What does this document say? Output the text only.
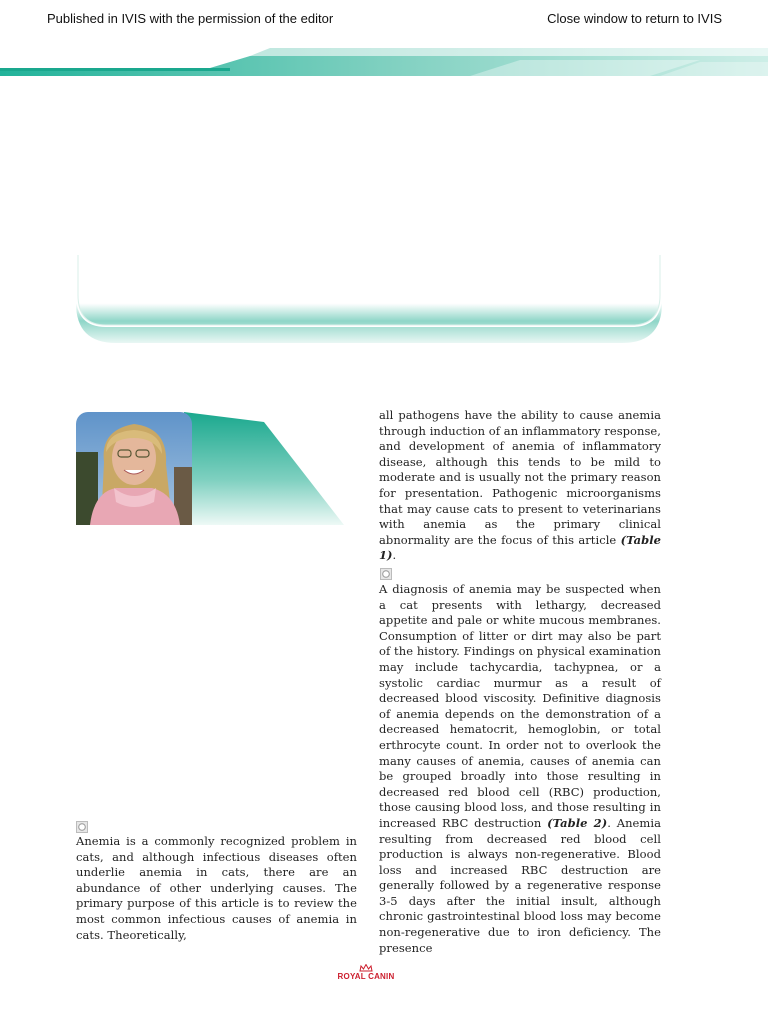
Published in IVIS with the permission of the editor	Close window to return to IVIS

all pathogens have the ability to cause anemia through induction of an inflammatory response, and development of anemia of inflammatory disease, although this tends to be mild to moderate and is usually not the primary reason for presentation. Pathogenic microorganisms that may cause cats to present to veterinarians with anemia as the primary clinical abnormality are the focus of this article (Table 1).

A diagnosis of anemia may be suspected when a cat presents with lethargy, decreased appetite and pale or white mucous membranes. Consumption of litter or dirt may also be part of the history. Findings on physical examination may include tachycardia, tachypnea, or a systolic cardiac murmur as a result of decreased blood viscosity. Definitive diagnosis of anemia depends on the demonstration of a decreased hematocrit, hemoglobin, or total erthrocyte count. In order not to overlook the many causes of anemia, causes of anemia can be grouped broadly into those resulting in decreased red blood cell (RBC) production, those causing blood loss, and those resulting in increased RBC destruction (Table 2). Anemia resulting from decreased red blood cell production is always non-regenerative. Blood loss and increased RBC destruction are generally followed by a regenerative response 3-5 days after the initial insult, although chronic gastrointestinal blood loss may become non-regenerative due to iron deficiency. The presence

Anemia is a commonly recognized problem in cats, and although infectious diseases often underlie anemia in cats, there are an abundance of other underlying causes. The primary purpose of this article is to review the most common infectious causes of anemia in cats. Theoretically,

ROYAL CANIN
